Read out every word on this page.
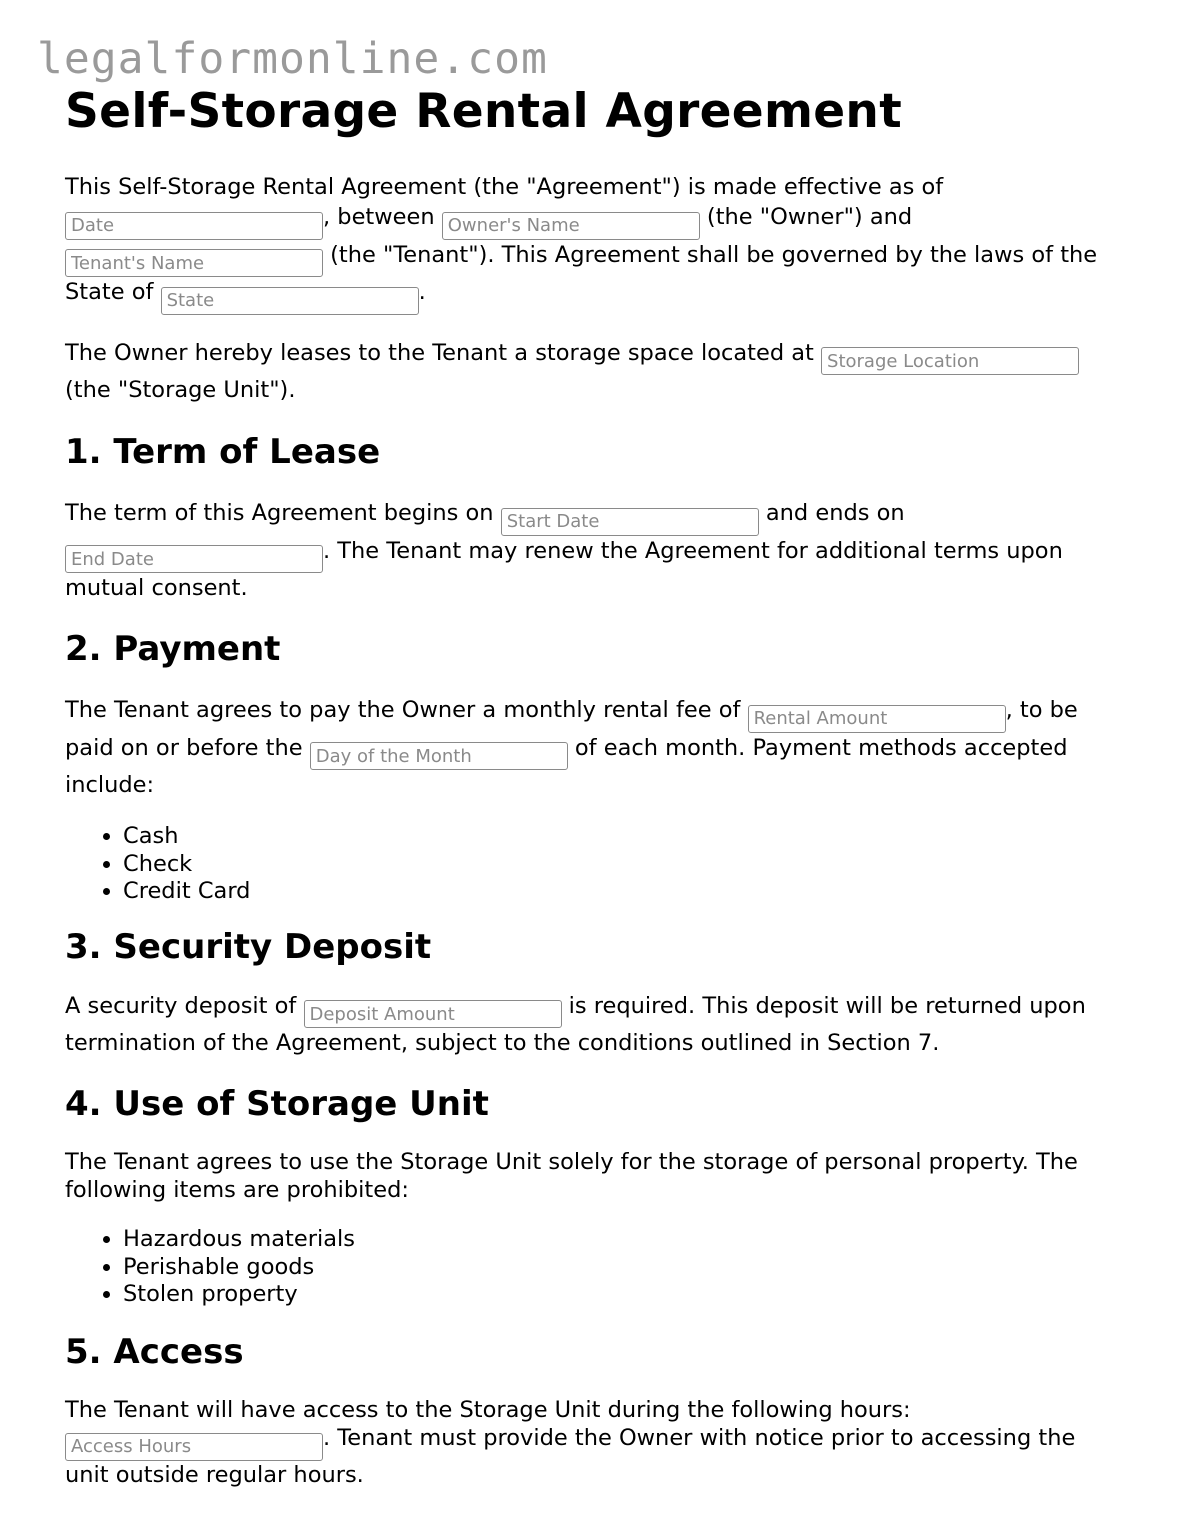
legalformonline.com
Self-Storage Rental Agreement

This Self-Storage Rental Agreement (the "Agreement") is made effective as of Date, between Owner's Name	(the "Owner") and Tenant's Name (the "Tenant"). This Agreement shall be governed by the laws of the State of State	.

The Owner hereby leases to the Tenant a storage space located at Storage Location (the "Storage Unit").

1. Term of Lease

The term of this Agreement begins on Start Date	and ends on End Date. The Tenant may renew the Agreement for additional terms upon mutual consent.

2. Payment

The Tenant agrees to pay the Owner a monthly rental fee of Rental Amount	, to be paid on or before the Day of the Month	of each month. Payment methods accepted include:

• Cash
• Check
• Credit Card
3. Security Deposit

A security deposit of Deposit Amount	is required. This deposit will be returned upon termination of the Agreement, subject to the conditions outlined in Section 7.

4. Use of Storage Unit

The Tenant agrees to use the Storage Unit solely for the storage of personal property. The following items are prohibited:

• Hazardous materials
• Perishable goods
• Stolen property
5. Access

The Tenant will have access to the Storage Unit during the following hours: Access Hours. Tenant must provide the Owner with notice prior to accessing the unit outside regular hours.
